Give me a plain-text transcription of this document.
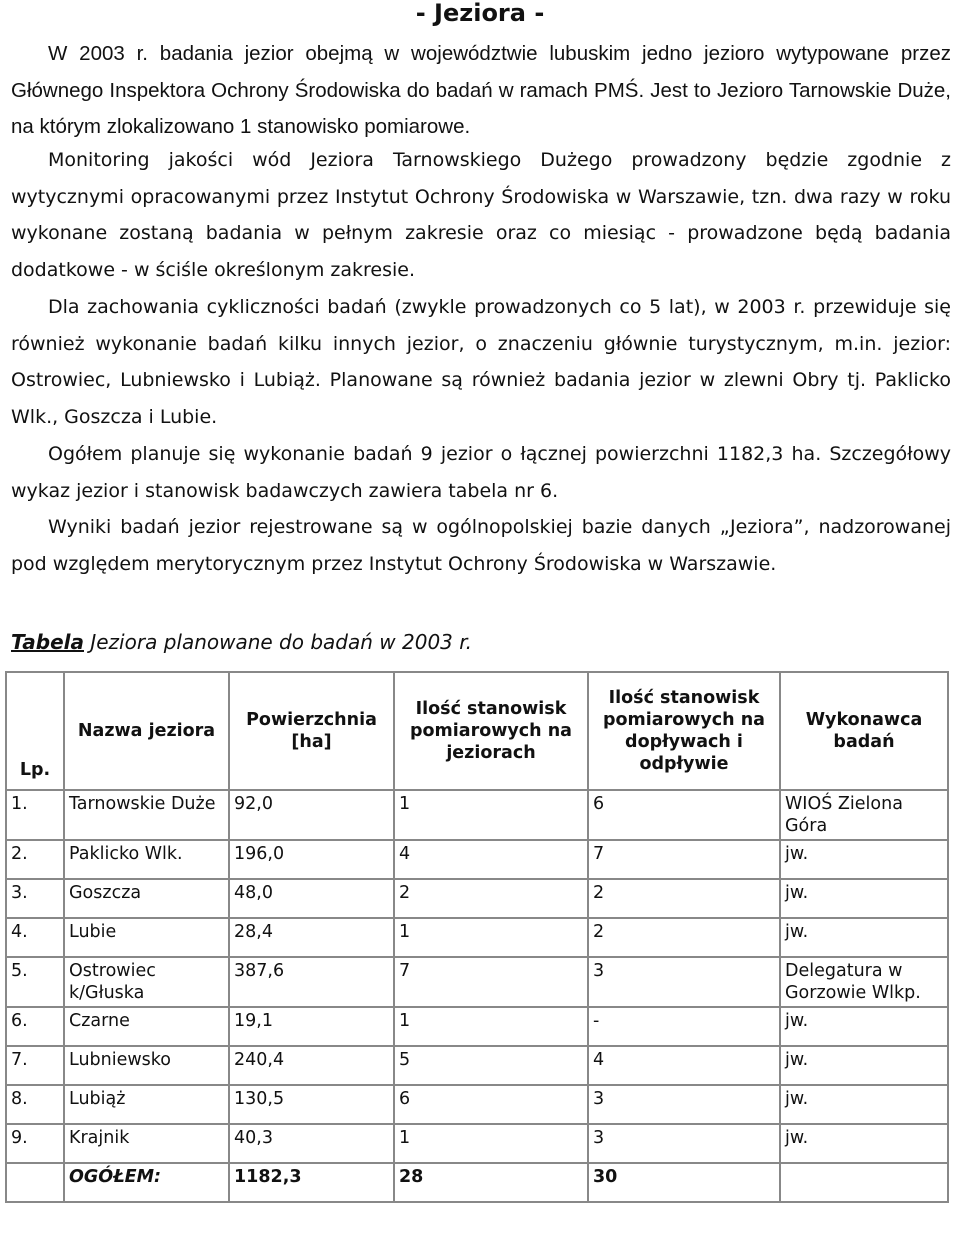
- Jeziora -

W 2003 r. badania jezior obejmą w województwie lubuskim jedno jezioro wytypowane przez Głównego Inspektora Ochrony Środowiska do badań w ramach PMŚ. Jest to Jezioro Tarnowskie Duże, na którym zlokalizowano 1 stanowisko pomiarowe.

Monitoring jakości wód Jeziora Tarnowskiego Dużego prowadzony będzie zgodnie z wytycznymi opracowanymi przez Instytut Ochrony Środowiska w Warszawie, tzn. dwa razy w roku wykonane zostaną badania w pełnym zakresie oraz co miesiąc - prowadzone będą badania dodatkowe - w ściśle określonym zakresie.

Dla zachowania cykliczności badań (zwykle prowadzonych co 5 lat), w 2003 r. przewiduje się również wykonanie badań kilku innych jezior, o znaczeniu głównie turystycznym, m.in. jezior: Ostrowiec, Lubniewsko i Lubiąż. Planowane są również badania jezior w zlewni Obry tj. Paklicko Wlk., Goszcza i Lubie.

Ogółem planuje się wykonanie badań 9 jezior o łącznej powierzchni 1182,3 ha. Szczegółowy wykaz jezior i stanowisk badawczych zawiera tabela nr 6.

Wyniki badań jezior rejestrowane są w ogólnopolskiej bazie danych „Jeziora”, nadzorowanej pod względem merytorycznym przez Instytut Ochrony Środowiska w Warszawie.

Tabela Jeziora planowane do badań w 2003 r.

Lp.	Nazwa jeziora	Powierzchnia [ha]	Ilość stanowisk pomiarowych na jeziorach	Ilość stanowisk pomiarowych na dopływach i odpływie	Wykonawca badań
1.	Tarnowskie Duże	92,0	1	6	WIOŚ Zielona Góra
2.	Paklicko Wlk.	196,0	4	7	jw.
3.	Goszcza	48,0	2	2	jw.
4.	Lubie	28,4	1	2	jw.
5.	Ostrowiec k/Głuska	387,6	7	3	Delegatura w Gorzowie Wlkp.
6.	Czarne	19,1	1	-	jw.
7.	Lubniewsko	240,4	5	4	jw.
8.	Lubiąż	130,5	6	3	jw.
9.	Krajnik	40,3	1	3	jw.
	OGÓŁEM:	1182,3	28	30	
